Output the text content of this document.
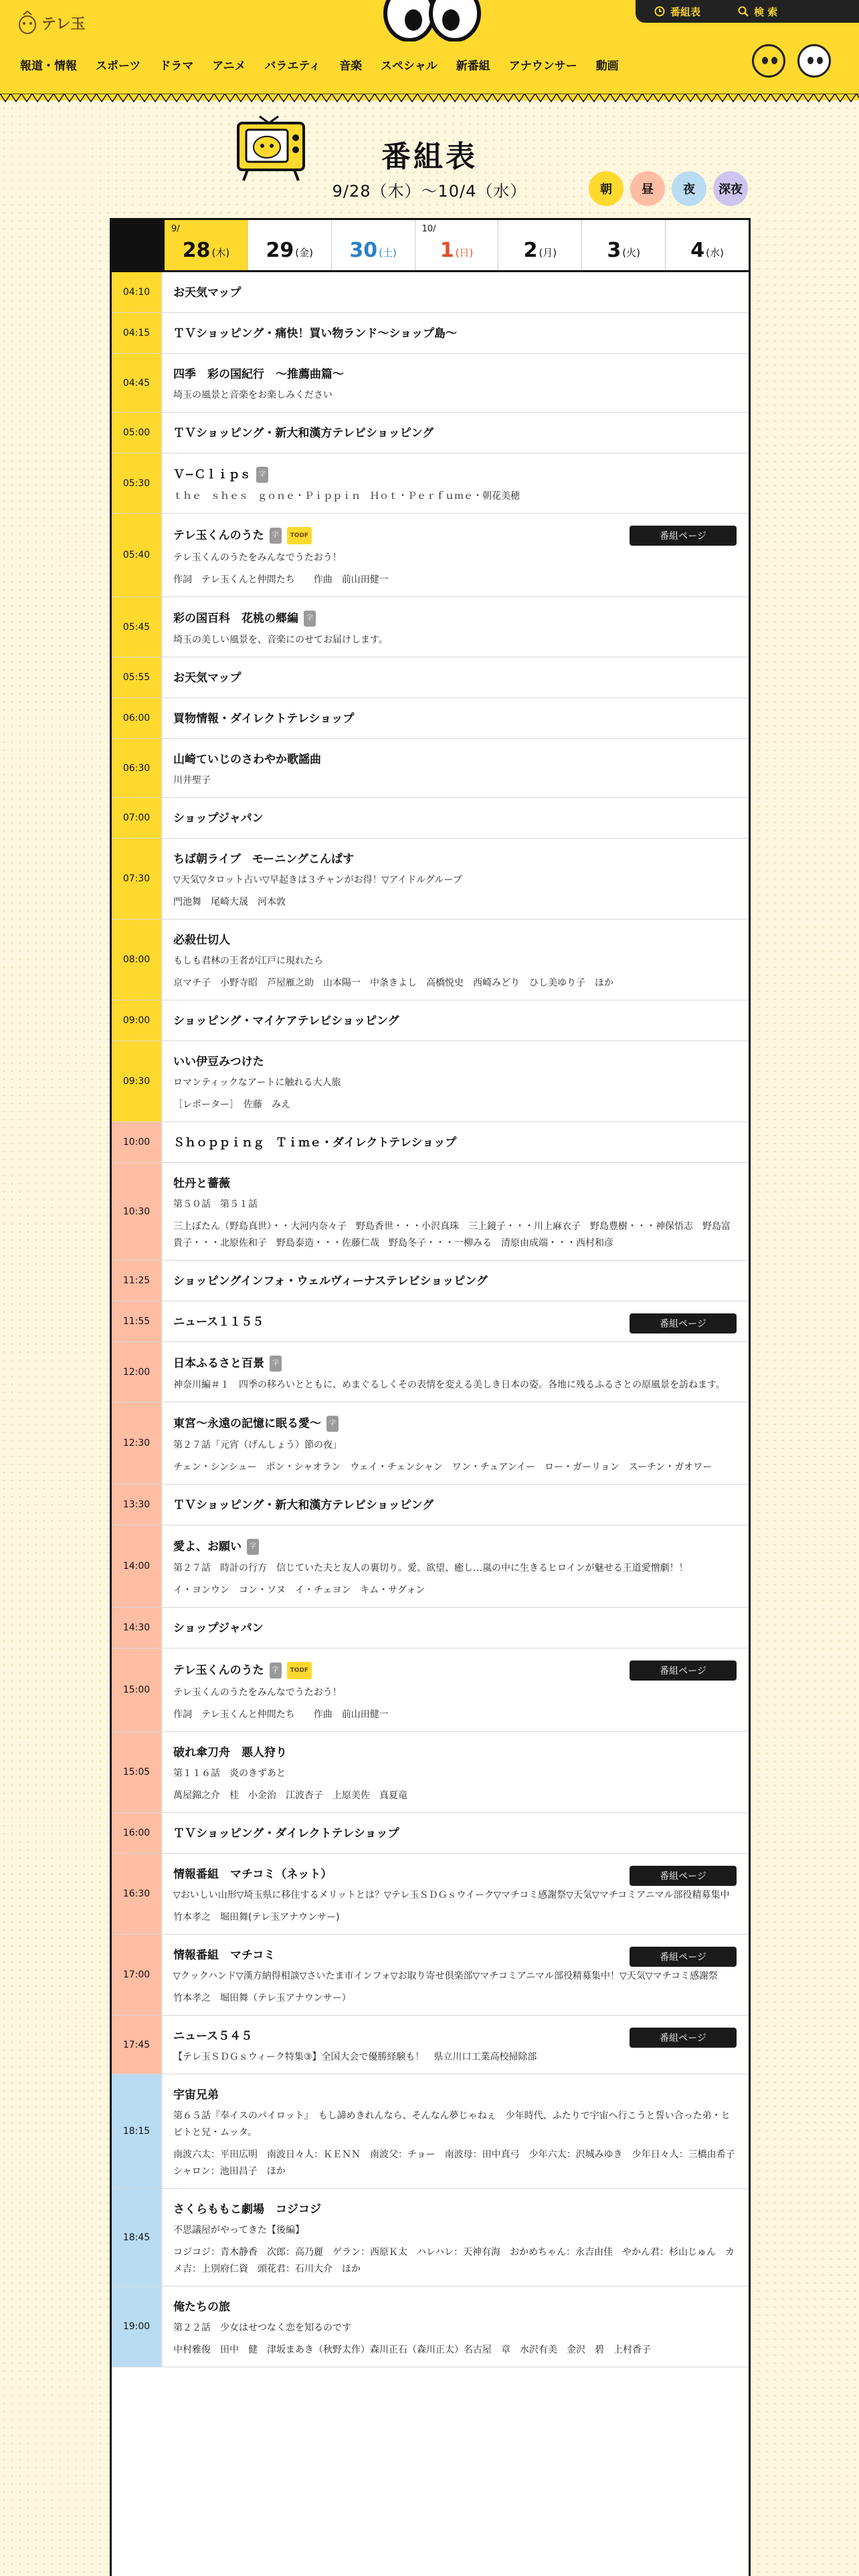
テレ玉
番組表	検 索
報道・情報	スポーツ	ドラマ	アニメ	バラエティ	音楽	スペシャル	新番組	アナウンサー	動画
番組表
9/28（木）〜10/4（水）	朝	昼	夜	深夜
9/
28 (木) 29 (金) 30 (土)
10/
1 (日)	2 (月)	3 (火)	4 (水)
04:10	お天気マップ
04:15	ＴＶショッピング・痛快！買い物ランド〜ショップ島〜
04:45
四季　彩の国紀行　〜推薦曲篇〜
埼玉の風景と音楽をお楽しみください
05:00	ＴＶショッピング・新大和漢方テレビショッピング
05:30
Ｖ−Ｃｌｉｐｓ	字
ｔｈｅ　ｓｈｅｓ　ｇｏｎｅ・Ｐｉｐｐｉｎ　Ｈｏｔ・Ｐｅｒｆｕｍｅ・朝花美穂
05:40
テレ玉くんのうた	字	TODF
テレ玉くんのうたをみんなでうたおう！
作詞　テレ玉くんと仲間たち　　作曲　前山田健一
番組ページ
05:45
彩の国百科　花桃の郷編	字
埼玉の美しい風景を、音楽にのせてお届けします。
05:55	お天気マップ
06:00	買物情報・ダイレクトテレショップ
06:30
山崎ていじのさわやか歌謡曲
川井聖子
07:00	ショップジャパン
07:30
ちば朝ライブ　モーニングこんぱす
▽天気▽タロット占い▽早起きは３チャンがお得！▽アイドルグループ
門池舞　尾崎大晟　河本敦
08:00
必殺仕切人
もしも君林の王者が江戸に現れたら
京マチ子　小野寺昭　芦屋雁之助　山本陽一　中条きよし　高橋悦史　西崎みどり　ひし美ゆり子　ほか
09:00	ショッピング・マイケアテレビショッピング
09:30
いい伊豆みつけた
ロマンティックなアートに触れる大人旅
［レポーター］　佐藤　みえ
10:00	Ｓｈｏｐｐｉｎｇ　Ｔｉｍｅ・ダイレクトテレショップ
10:30
牡丹と薔薇
第５０話　第５１話
三上ぼたん（野島真世）・・大河内奈々子　野島香世・・・小沢真珠　三上鏡子・・・川上麻衣子　野島豊樹・・・神保悟志　野島富貴子・・・北原佐和子　野島泰造・・・佐藤仁哉　野島冬子・・・一柳みる　清原由成端・・・西村和彦
11:25	ショッピングインフォ・ウェルヴィーナステレビショッピング
11:55	ニュース１１５５	番組ページ
12:00
日本ふるさと百景	字
神奈川編＃１　四季の移ろいとともに、めまぐるしくその表情を変える美しき日本の姿。各地に残るふるさとの原風景を訪ねます。
12:30
東宮〜永遠の記憶に眠る愛〜	字
第２７話「元宵（げんしょう）節の夜」
チェン・シンシュー　ポン・シャオラン　ウェイ・チェンシャン　ワン・チュアンイー　ロー・ガーリョン　スーチン・ガオワー
13:30	ＴＶショッピング・新大和漢方テレビショッピング
14:00
愛よ、お願い	字
第２７話　時計の行方　信じていた夫と友人の裏切り。愛、欲望、癒し…嵐の中に生きるヒロインが魅せる王道愛憎劇！！
イ・ヨンウン　コン・ソヌ　イ・チェヨン　キム・サグォン
14:30	ショップジャパン
15:00
テレ玉くんのうた	字	TODF
テレ玉くんのうたをみんなでうたおう！
作詞　テレ玉くんと仲間たち　　作曲　前山田健一
番組ページ
15:05
破れ傘刀舟　悪人狩り
第１１６話　炎のきずあと
萬屋錦之介　桂　小金治　江波杏子　上原美佐　真夏竜
16:00	ＴＶショッピング・ダイレクトテレショップ
16:30
情報番組　マチコミ（ネット）
▽おいしい山形▽埼玉県に移住するメリットとは？▽テレ玉ＳＤＧｓウイーク▽マチコミ感謝祭▽天気▽マチコミアニマル部役精募集中
竹本孝之　堀田舞(テレ玉アナウンサー)
番組ページ
17:00
情報番組　マチコミ
▽クックハンド▽漢方納得相談▽さいたま市インフォ▽お取り寄せ倶楽部▽マチコミアニマル部役精募集中！▽天気▽マチコミ感謝祭
竹本孝之　堀田舞（テレ玉アナウンサー）
番組ページ
17:45
ニュース５４５
【テレ玉ＳＤＧｓウィーク特集③】全国大会で優勝経験も！　県立川口工業高校掃除部
番組ページ
18:15
宇宙兄弟
第６５話『奉イスのパイロット』　もし諦めきれんなら、そんなん夢じゃねぇ　少年時代、ふたりで宇宙へ行こうと誓い合った弟・ヒビトと兄・ムッタ。
南波六太：平田広明　南波日々人：ＫＥＮＮ　南波父：チョー　南波母：田中真弓　少年六太：沢城みゆき　少年日々人：三橋由希子　シャロン：池田昌子　ほか
18:45
さくらももこ劇場　コジコジ
不思議屋がやってきた【後編】
コジコジ：青木静香　次郎：高乃麗　ゲラン：西原Ｋ太　ハレハレ：天神有海　おかめちゃん：永吉由佳　やかん君：杉山じゅん　カメ吉：上別府仁資　頭花君：石川大介　ほか
19:00
俺たちの旅
第２２話　少女はせつなく恋を知るのです
中村雅俊　田中　健　津坂まあき（秋野太作）森川正石（森川正太）名古屋　章　水沢有美　金沢　碧　上村香子
